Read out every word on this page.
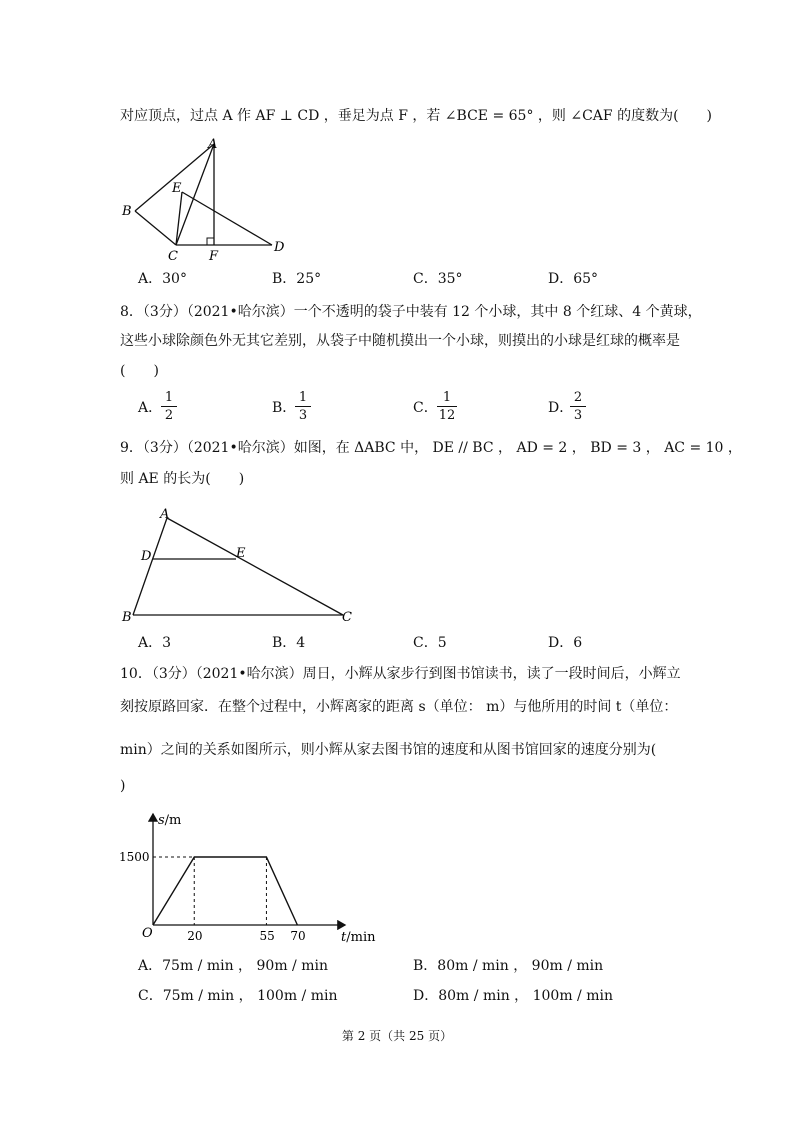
对应顶点，过点 A 作 AF ⊥ CD ，垂足为点 F ，若 ∠BCE = 65° ，则 ∠CAF 的度数为(　　)
A
B
C
D
E
F
A．30°	B．25°	C．35°	D．65°
8．（3分）（2021•哈尔滨）一个不透明的袋子中装有 12 个小球，其中 8 个红球、4 个黄球，
这些小球除颜色外无其它差别，从袋子中随机摸出一个小球，则摸出的小球是红球的概率是
(　　)
A．
1
2	B．
1
3	C．
1
12	D．
2
3
9．（3分）（2021•哈尔滨）如图，在 ΔABC 中， DE // BC ， AD = 2 ， BD = 3 ， AC = 10 ，
则 AE 的长为(　　)
A
D	E
B	C
A．3	B．4	C．5	D．6
10．（3分）（2021•哈尔滨）周日，小辉从家步行到图书馆读书，读了一段时间后，小辉立
刻按原路回家．在整个过程中，小辉离家的距离 s（单位： m）与他所用的时间 t（单位：
min）之间的关系如图所示，则小辉从家去图书馆的速度和从图书馆回家的速度分别为(
)
20	55 70
1500
O	t/min
s/m
A．75m / min ， 90m / min	B．80m / min ， 90m / min
C．75m / min ， 100m / min	D．80m / min ， 100m / min
第 2 页（共 25 页）
